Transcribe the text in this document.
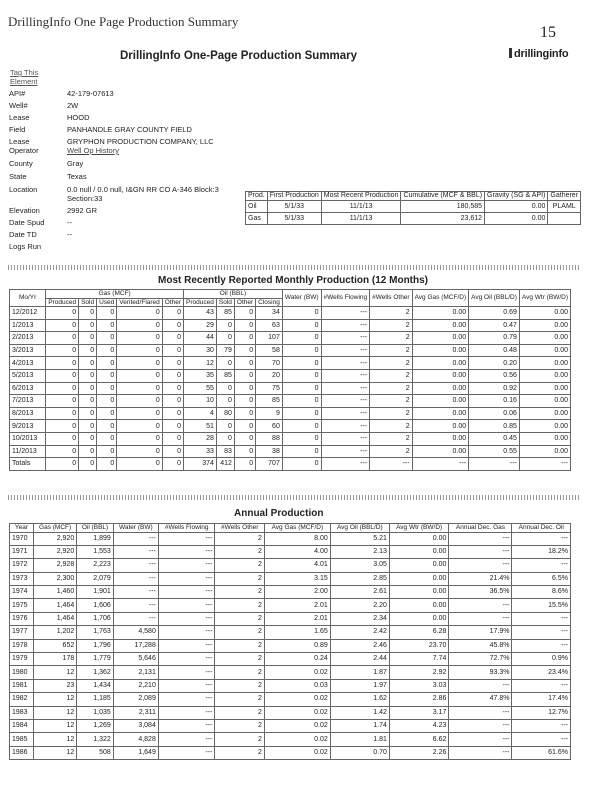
DrillingInfo One Page Production Summary
15
DrillingInfo One-Page Production Summary	drillinginfo
Tag This Element
API#	42-179-07613
Well#	2W
Lease	HOOD
Field	PANHANDLE GRAY COUNTY FIELD
Lease Operator
GRYPHON PRODUCTION COMPANY, LLC
Well Op History
County	Gray
State	Texas
Location	0.0 null / 0.0 null, I&GN RR CO A-346 Block:3
Section:33
Elevation	2992 GR
Date Spud	--
Date TD	--
Logs Run
Prod.	First Production	Most Recent Production	Cumulative (MCF & BBL)	Gravity (SG & API)	Gatherer
Oil	5/1/33	11/1/13	180,585	0.00	PLAML
Gas	5/1/33	11/1/13	23,612	0.00	
Most Recently Reported Monthly Production (12 Months)
Mo/Yr	Gas (MCF)					Oil (BBL)				Water (BW)	#Wells Flowing	#Wells Other	Avg Gas (MCF/D)	Avg Oil (BBL/D)	Avg Wtr (BW/D)
	Produced	Sold	Used	Vented/Flared	Other	Produced	Sold	Other	Closing						
12/2012	0	0	0	0	0	43	85	0	34	0	---	2	0.00	0.69	0.00
1/2013	0	0	0	0	0	29	0	0	63	0	---	2	0.00	0.47	0.00
2/2013	0	0	0	0	0	44	0	0	107	0	---	2	0.00	0.79	0.00
3/2013	0	0	0	0	0	30	79	0	58	0	---	2	0.00	0.48	0.00
4/2013	0	0	0	0	0	12	0	0	70	0	---	2	0.00	0.20	0.00
5/2013	0	0	0	0	0	35	85	0	20	0	---	2	0.00	0.56	0.00
6/2013	0	0	0	0	0	55	0	0	75	0	---	2	0.00	0.92	0.00
7/2013	0	0	0	0	0	10	0	0	85	0	---	2	0.00	0.16	0.00
8/2013	0	0	0	0	0	4	80	0	9	0	---	2	0.00	0.06	0.00
9/2013	0	0	0	0	0	51	0	0	60	0	---	2	0.00	0.85	0.00
10/2013	0	0	0	0	0	28	0	0	88	0	---	2	0.00	0.45	0.00
11/2013	0	0	0	0	0	33	83	0	38	0	---	2	0.00	0.55	0.00
Totals	0	0	0	0	0	374	412	0	707	0	---	---	---	---	---
Annual Production
Year	Gas (MCF)	Oil (BBL)	Water (BW)	#Wells Flowing	#Wells Other	Avg Gas (MCF/D)	Avg Oil (BBL/D)	Avg Wtr (BW/D)	Annual Dec. Gas	Annual Dec. Oil
1970	2,920	1,899	---	---	2	8.00	5.21	0.00	---	---
1971	2,920	1,553	---	---	2	4.00	2.13	0.00	---	18.2%
1972	2,928	2,223	---	---	2	4.01	3.05	0.00	---	---
1973	2,300	2,079	---	---	2	3.15	2.85	0.00	21.4%	6.5%
1974	1,460	1,901	---	---	2	2.00	2.61	0.00	36.5%	8.6%
1975	1,464	1,606	---	---	2	2.01	2.20	0.00	---	15.5%
1976	1,464	1,706	---	---	2	2.01	2.34	0.00	---	---
1977	1,202	1,763	4,580	---	2	1.65	2.42	6.28	17.9%	---
1978	652	1,796	17,288	---	2	0.89	2.46	23.70	45.8%	---
1979	178	1,779	5,646	---	2	0.24	2.44	7.74	72.7%	0.9%
1980	12	1,362	2,131	---	2	0.02	1.87	2.92	93.3%	23.4%
1981	23	1,434	2,210	---	2	0.03	1.97	3.03	---	---
1982	12	1,185	2,089	---	2	0.02	1.62	2.86	47.8%	17.4%
1983	12	1,035	2,311	---	2	0.02	1.42	3.17	---	12.7%
1984	12	1,269	3,084	---	2	0.02	1.74	4.23	---	---
1985	12	1,322	4,828	---	2	0.02	1.81	6.62	---	---
1986	12	508	1,649	---	2	0.02	0.70	2.26	---	61.6%
